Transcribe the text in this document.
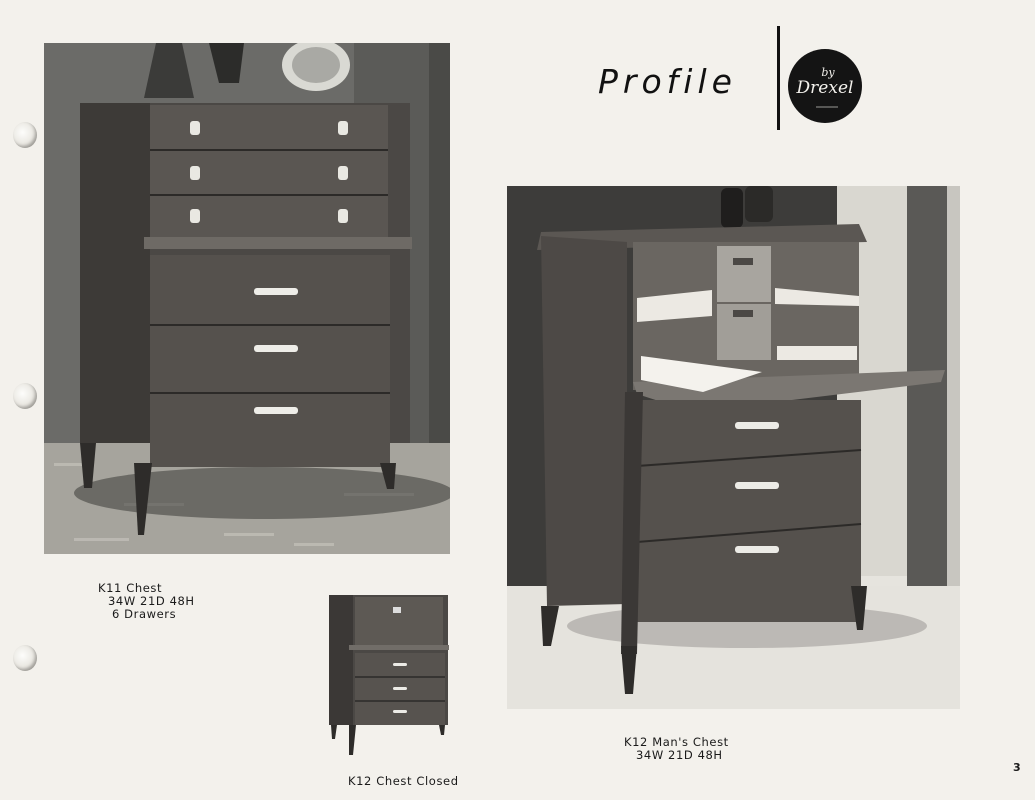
Profile	by
Drexel
K11 Chest
34W 21D 48H
6 Drawers
K12 Chest Closed
K12 Man's Chest
34W 21D 48H
3
